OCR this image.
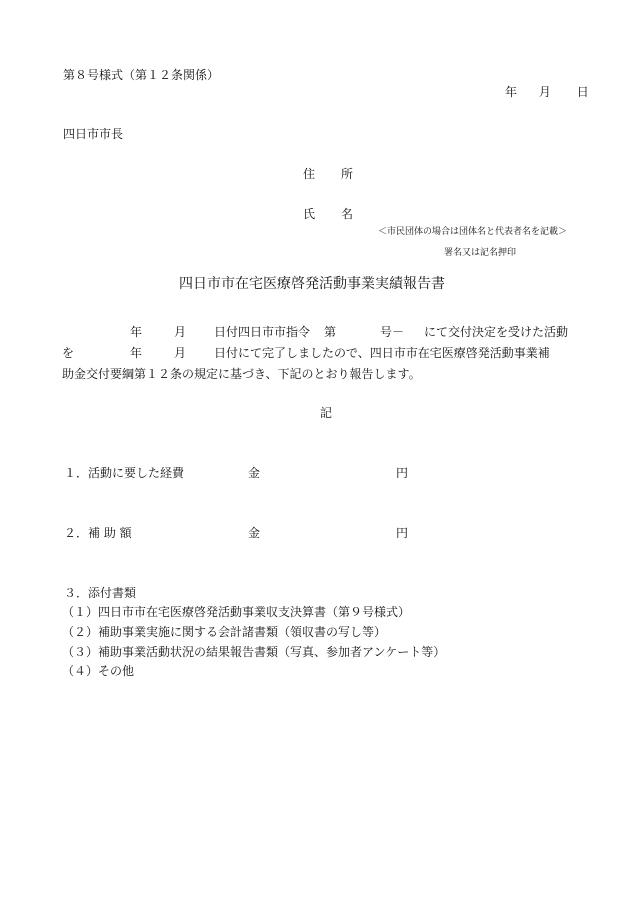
第８号様式（第１２条関係）
年 月 日
四日市市長
住 所
氏 名
＜市民団体の場合は団体名と代表者名を記載＞
署名又は記名押印
四日市市在宅医療啓発活動事業実績報告書
年	月	日付四日市市指令	第	号－	にて交付決定を受けた活動
を	年	月	日付にて完了しましたので、四日市市在宅医療啓発活動事業補
助金交付要綱第１２条の規定に基づき、下記のとおり報告します。
記
１． 活動に要した経費	金	円
２． 補 助 額	金	円
３．添付書類
（１）四日市市在宅医療啓発活動事業収支決算書（第９号様式）
（２）補助事業実施に関する会計諸書類（領収書の写し等）
（３）補助事業活動状況の結果報告書類（写真、参加者アンケート等）
（４）その他
